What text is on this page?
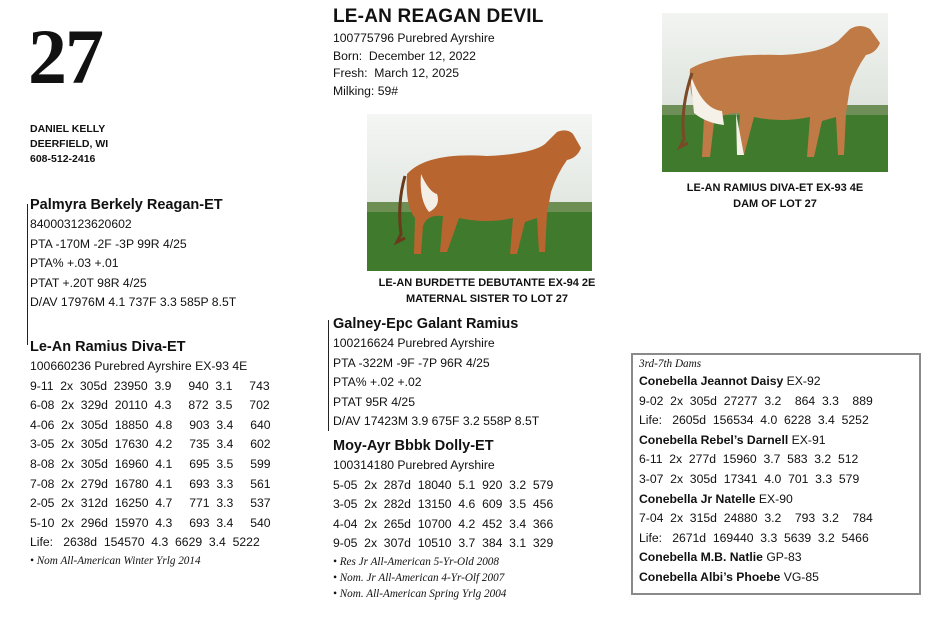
27
DANIEL KELLY
DEERFIELD, WI
608-512-2416
Palmyra Berkely Reagan-ET
840003123620602
PTA -170M -2F -3P 99R 4/25
PTA% +.03 +.01
PTAT +.20T 98R 4/25
D/AV 17976M 4.1 737F 3.3 585P 8.5T
Le-An Ramius Diva-ET
100660236 Purebred Ayrshire EX-93 4E
9-11  2x  305d  23950  3.9     940  3.1     743
6-08  2x  329d  20110  4.3     872  3.5     702
4-06  2x  305d  18850  4.8     903  3.4     640
3-05  2x  305d  17630  4.2     735  3.4     602
8-08  2x  305d  16960  4.1     695  3.5     599
7-08  2x  279d  16780  4.1     693  3.3     561
2-05  2x  312d  16250  4.7     771  3.3     537
5-10  2x  296d  15970  4.3     693  3.4     540
Life:   2638d  154570  4.3  6629  3.4  5222
• Nom All-American Winter Yrlg 2014
LE-AN REAGAN DEVIL
100775796 Purebred Ayrshire
Born:  December 12, 2022
Fresh:  March 12, 2025
Milking: 59#
LE-AN BURDETTE DEBUTANTE EX-94 2E
MATERNAL SISTER TO LOT 27
LE-AN RAMIUS DIVA-ET EX-93 4E
DAM OF LOT 27
Galney-Epc Galant Ramius
100216624 Purebred Ayrshire
PTA -322M -9F -7P 96R 4/25
PTA% +.02 +.02
PTAT 95R 4/25
D/AV 17423M 3.9 675F 3.2 558P 8.5T
Moy-Ayr Bbbk Dolly-ET
100314180 Purebred Ayrshire
5-05  2x  287d  18040  5.1  920  3.2  579
3-05  2x  282d  13150  4.6  609  3.5  456
4-04  2x  265d  10700  4.2  452  3.4  366
9-05  2x  307d  10510  3.7  384  3.1  329
• Res Jr All-American 5-Yr-Old 2008
• Nom. Jr All-American 4-Yr-Olf 2007
• Nom. All-American Spring Yrlg 2004
3rd-7th Dams
Conebella Jeannot Daisy EX-92
9-02  2x  305d  27277  3.2    864  3.3    889
Life:   2605d  156534  4.0  6228  3.4  5252
Conebella Rebel’s Darnell EX-91
6-11  2x  277d  15960  3.7  583  3.2  512
3-07  2x  305d  17341  4.0  701  3.3  579
Conebella Jr Natelle EX-90
7-04  2x  315d  24880  3.2    793  3.2    784
Life:   2671d  169440  3.3  5639  3.2  5466
Conebella M.B. Natlie GP-83
Conebella Albi’s Phoebe VG-85
